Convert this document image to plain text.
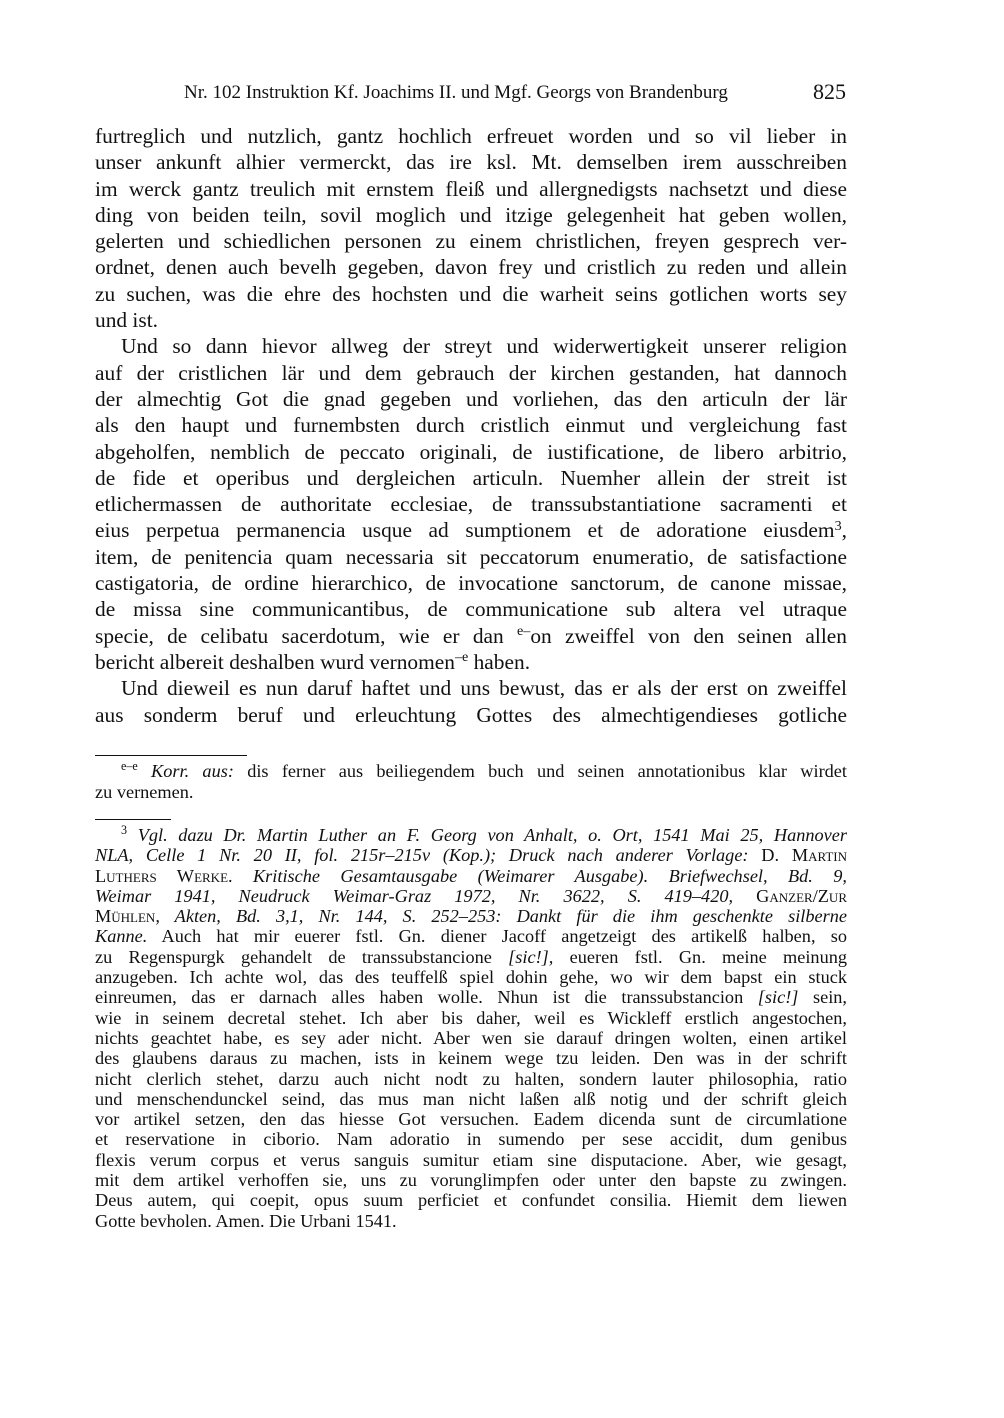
Nr. 102 Instruktion Kf. Joachims II. und Mgf. Georgs von Brandenburg	825
furtreglich und nutzlich, gantz hochlich erfreuet worden und so vil lieber in
unser ankunft alhier vermerckt, das ire ksl. Mt. demselben irem ausschreiben
im werck gantz treulich mit ernstem fleiß und allergnedigsts nachsetzt und diese
ding von beiden teiln, sovil moglich und itzige gelegenheit hat geben wollen,
gelerten und schiedlichen personen zu einem christlichen, freyen gesprech ver-
ordnet, denen auch bevelh gegeben, davon frey und cristlich zu reden und allein
zu suchen, was die ehre des hochsten und die warheit seins gotlichen worts sey
und ist.
Und so dann hievor allweg der streyt und widerwertigkeit unserer religion
auf der cristlichen lär und dem gebrauch der kirchen gestanden, hat dannoch
der almechtig Got die gnad gegeben und vorliehen, das den articuln der lär
als den haupt und furnembsten durch cristlich einmut und vergleichung fast
abgeholfen, nemblich de peccato originali, de iustificatione, de libero arbitrio,
de fide et operibus und dergleichen articuln. Nuemher allein der streit ist
etlichermassen de authoritate ecclesiae, de transsubstantiatione sacramenti et
eius perpetua permanencia usque ad sumptionem et de adoratione eiusdem$^3$,
item, de penitencia quam necessaria sit peccatorum enumeratio, de satisfactione
castigatoria, de ordine hierarchico, de invocatione sanctorum, de canone missae,
de missa sine communicantibus, de communicatione sub altera vel utraque
specie, de celibatu sacerdotum, wie er dan $^{e-}$on zweiffel von den seinen allen
bericht albereit deshalben wurd vernomen$^{-e}$ haben.
Und dieweil es nun daruf haftet und uns bewust, das er als der erst on zweiffel
aus sonderm beruf und erleuchtung Gottes des almechtigendieses gotliche
$^{e-e}$ Korr. aus: dis ferner aus beiliegendem buch und seinen annotationibus klar wirdet
zu vernemen.
$^3$ Vgl. dazu Dr. Martin Luther an F. Georg von Anhalt, o. Ort, 1541 Mai 25, Hannover
NLA, Celle 1 Nr. 20 II, fol. 215r–215v (Kop.); Druck nach anderer Vorlage: D. Martin
Luthers Werke. Kritische Gesamtausgabe (Weimarer Ausgabe). Briefwechsel, Bd. 9,
Weimar 1941, Neudruck Weimar-Graz 1972, Nr. 3622, S. 419–420, Ganzer/Zur
Mühlen, Akten, Bd. 3,1, Nr. 144, S. 252–253: Dankt für die ihm geschenkte silberne
Kanne. Auch hat mir euerer fstl. Gn. diener Jacoff angetzeigt des artikelß halben, so
zu Regenspurgk gehandelt de transsubstancione [sic!], eueren fstl. Gn. meine meinung
anzugeben. Ich achte wol, das des teuffelß spiel dohin gehe, wo wir dem bapst ein stuck
einreumen, das er darnach alles haben wolle. Nhun ist die transsubstancion [sic!] sein,
wie in seinem decretal stehet. Ich aber bis daher, weil es Wickleff erstlich angestochen,
nichts geachtet habe, es sey ader nicht. Aber wen sie darauf dringen wolten, einen artikel
des glaubens daraus zu machen, ists in keinem wege tzu leiden. Den was in der schrift
nicht clerlich stehet, darzu auch nicht nodt zu halten, sondern lauter philosophia, ratio
und menschendunckel seind, das mus man nicht laßen alß notig und der schrift gleich
vor artikel setzen, den das hiesse Got versuchen. Eadem dicenda sunt de circumlatione
et reservatione in ciborio. Nam adoratio in sumendo per sese accidit, dum genibus
flexis verum corpus et verus sanguis sumitur etiam sine disputacione. Aber, wie gesagt,
mit dem artikel verhoffen sie, uns zu vorunglimpfen oder unter den bapste zu zwingen.
Deus autem, qui coepit, opus suum perficiet et confundet consilia. Hiemit dem liewen
Gotte bevholen. Amen. Die Urbani 1541.
